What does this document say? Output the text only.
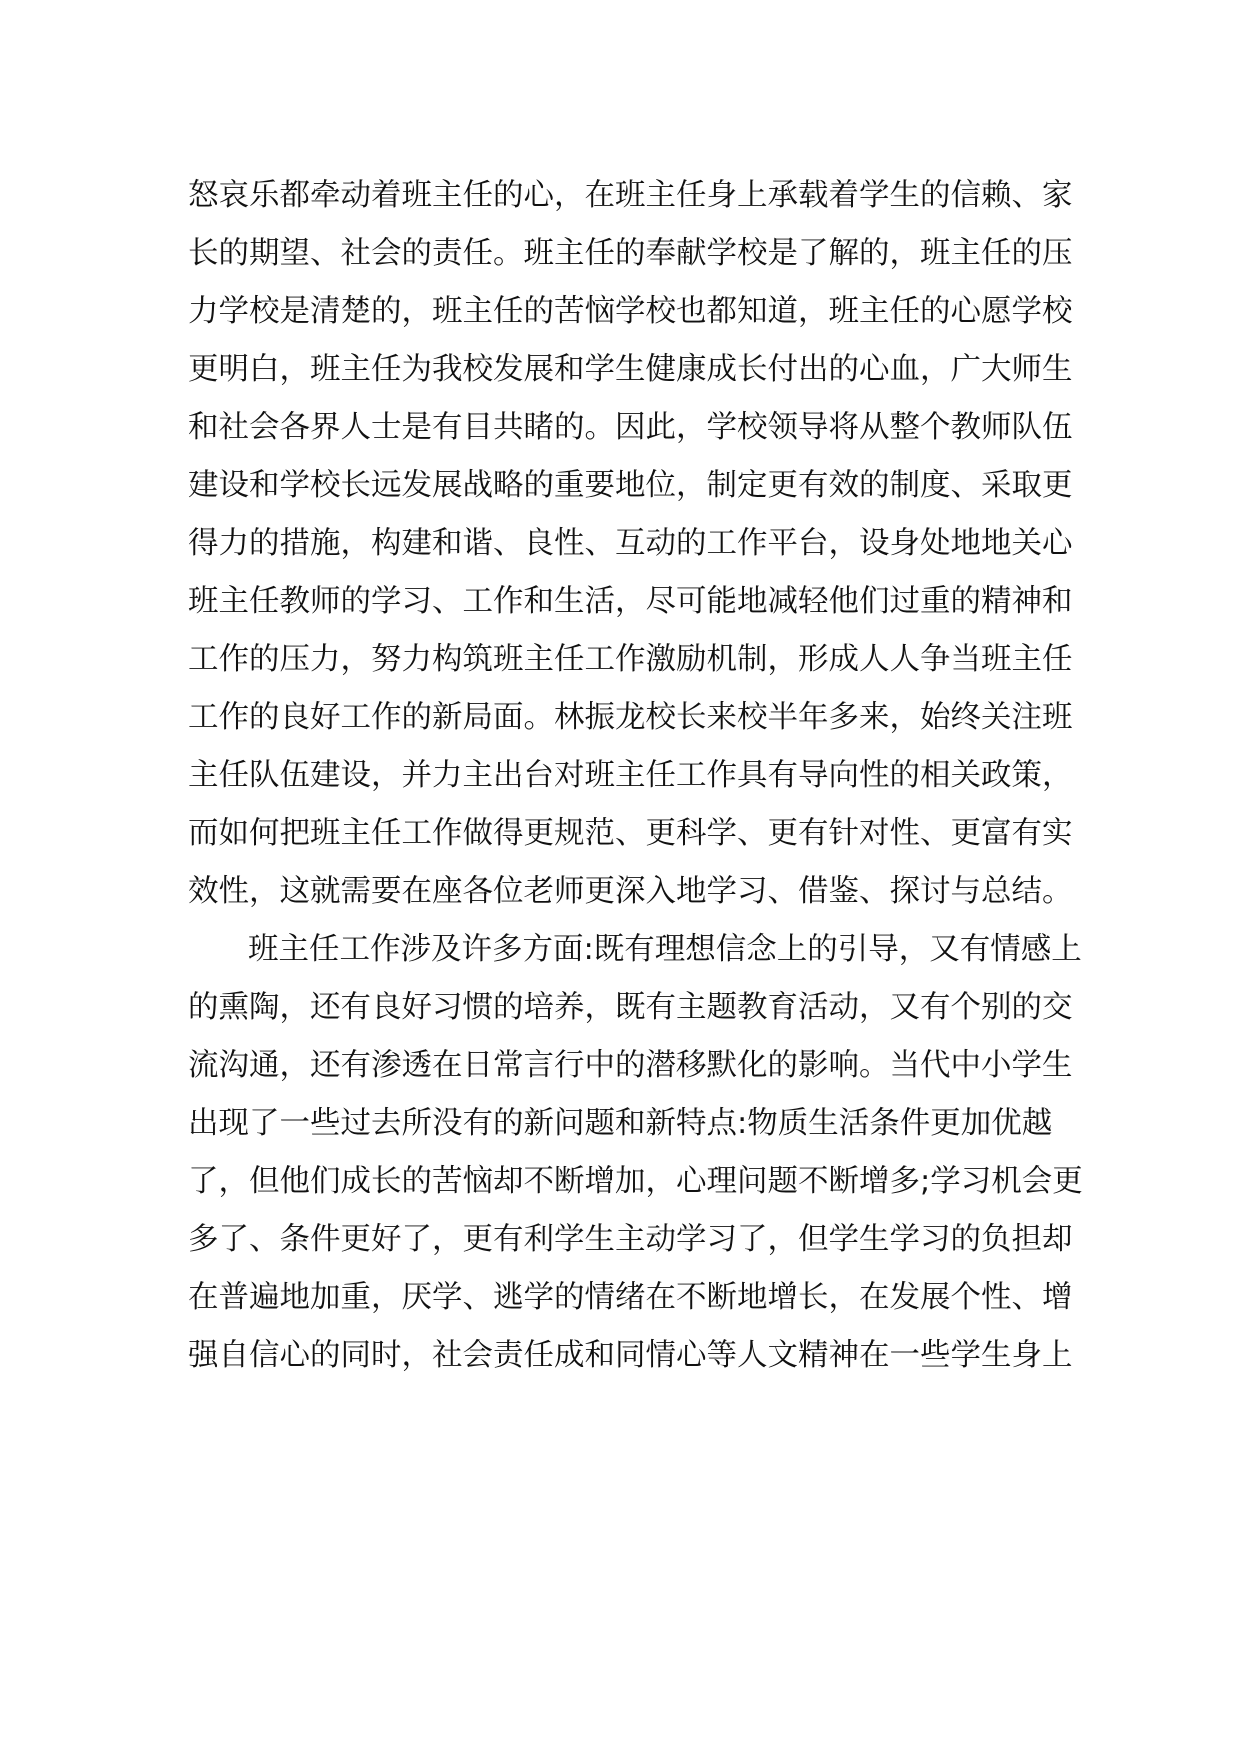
怒哀乐都牵动着班主任的心，在班主任身上承载着学生的信赖、家
长的期望、社会的责任。班主任的奉献学校是了解的，班主任的压
力学校是清楚的，班主任的苦恼学校也都知道，班主任的心愿学校
更明白，班主任为我校发展和学生健康成长付出的心血，广大师生
和社会各界人士是有目共睹的。因此，学校领导将从整个教师队伍
建设和学校长远发展战略的重要地位，制定更有效的制度、采取更
得力的措施，构建和谐、良性、互动的工作平台，设身处地地关心
班主任教师的学习、工作和生活，尽可能地减轻他们过重的精神和
工作的压力，努力构筑班主任工作激励机制，形成人人争当班主任
工作的良好工作的新局面。林振龙校长来校半年多来，始终关注班
主任队伍建设，并力主出台对班主任工作具有导向性的相关政策，
而如何把班主任工作做得更规范、更科学、更有针对性、更富有实
效性，这就需要在座各位老师更深入地学习、借鉴、探讨与总结。
班主任工作涉及许多方面:既有理想信念上的引导，又有情感上
的熏陶，还有良好习惯的培养，既有主题教育活动，又有个别的交
流沟通，还有渗透在日常言行中的潜移默化的影响。当代中小学生
出现了一些过去所没有的新问题和新特点:物质生活条件更加优越
了，但他们成长的苦恼却不断增加，心理问题不断增多;学习机会更
多了、条件更好了，更有利学生主动学习了，但学生学习的负担却
在普遍地加重，厌学、逃学的情绪在不断地增长，在发展个性、增
强自信心的同时，社会责任成和同情心等人文精神在一些学生身上
